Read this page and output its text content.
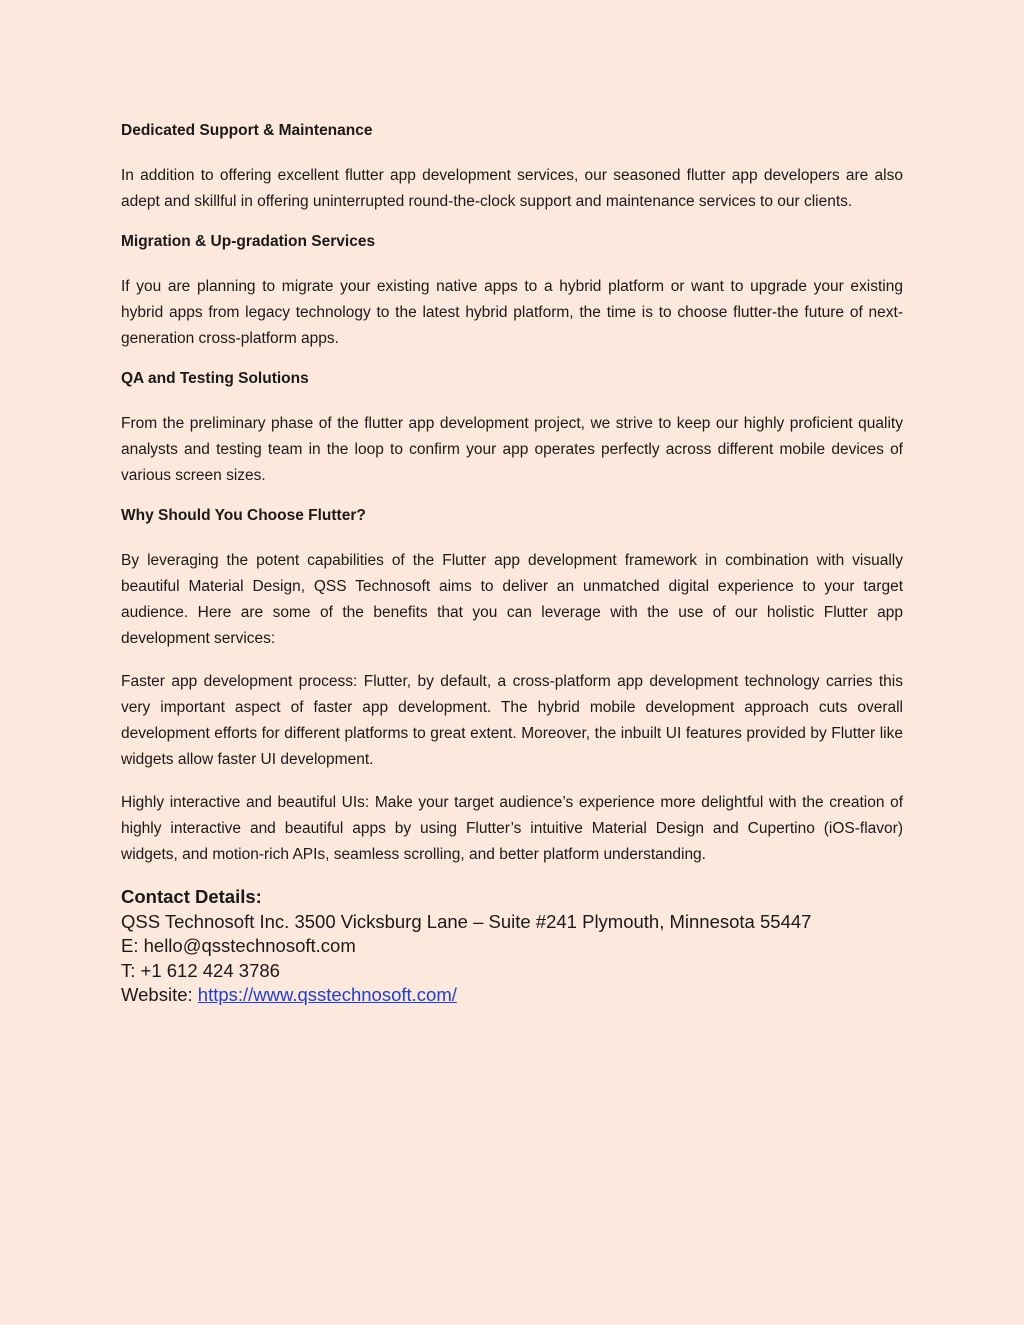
Dedicated Support & Maintenance

In addition to offering excellent flutter app development services, our seasoned flutter app developers are also adept and skillful in offering uninterrupted round-the-clock support and maintenance services to our clients.

Migration & Up-gradation Services

If you are planning to migrate your existing native apps to a hybrid platform or want to upgrade your existing hybrid apps from legacy technology to the latest hybrid platform, the time is to choose flutter-the future of next-generation cross-platform apps.

QA and Testing Solutions

From the preliminary phase of the flutter app development project, we strive to keep our highly proficient quality analysts and testing team in the loop to confirm your app operates perfectly across different mobile devices of various screen sizes.

Why Should You Choose Flutter?

By leveraging the potent capabilities of the Flutter app development framework in combination with visually beautiful Material Design, QSS Technosoft aims to deliver an unmatched digital experience to your target audience. Here are some of the benefits that you can leverage with the use of our holistic Flutter app development services:

Faster app development process: Flutter, by default, a cross-platform app development technology carries this very important aspect of faster app development. The hybrid mobile development approach cuts overall development efforts for different platforms to great extent. Moreover, the inbuilt UI features provided by Flutter like widgets allow faster UI development.

Highly interactive and beautiful UIs: Make your target audience’s experience more delightful with the creation of highly interactive and beautiful apps by using Flutter’s intuitive Material Design and Cupertino (iOS-flavor) widgets, and motion-rich APIs, seamless scrolling, and better platform understanding.

Contact Details:
QSS Technosoft Inc. 3500 Vicksburg Lane – Suite #241 Plymouth, Minnesota 55447
E: hello@qsstechnosoft.com
T: +1 612 424 3786
Website: https://www.qsstechnosoft.com/
